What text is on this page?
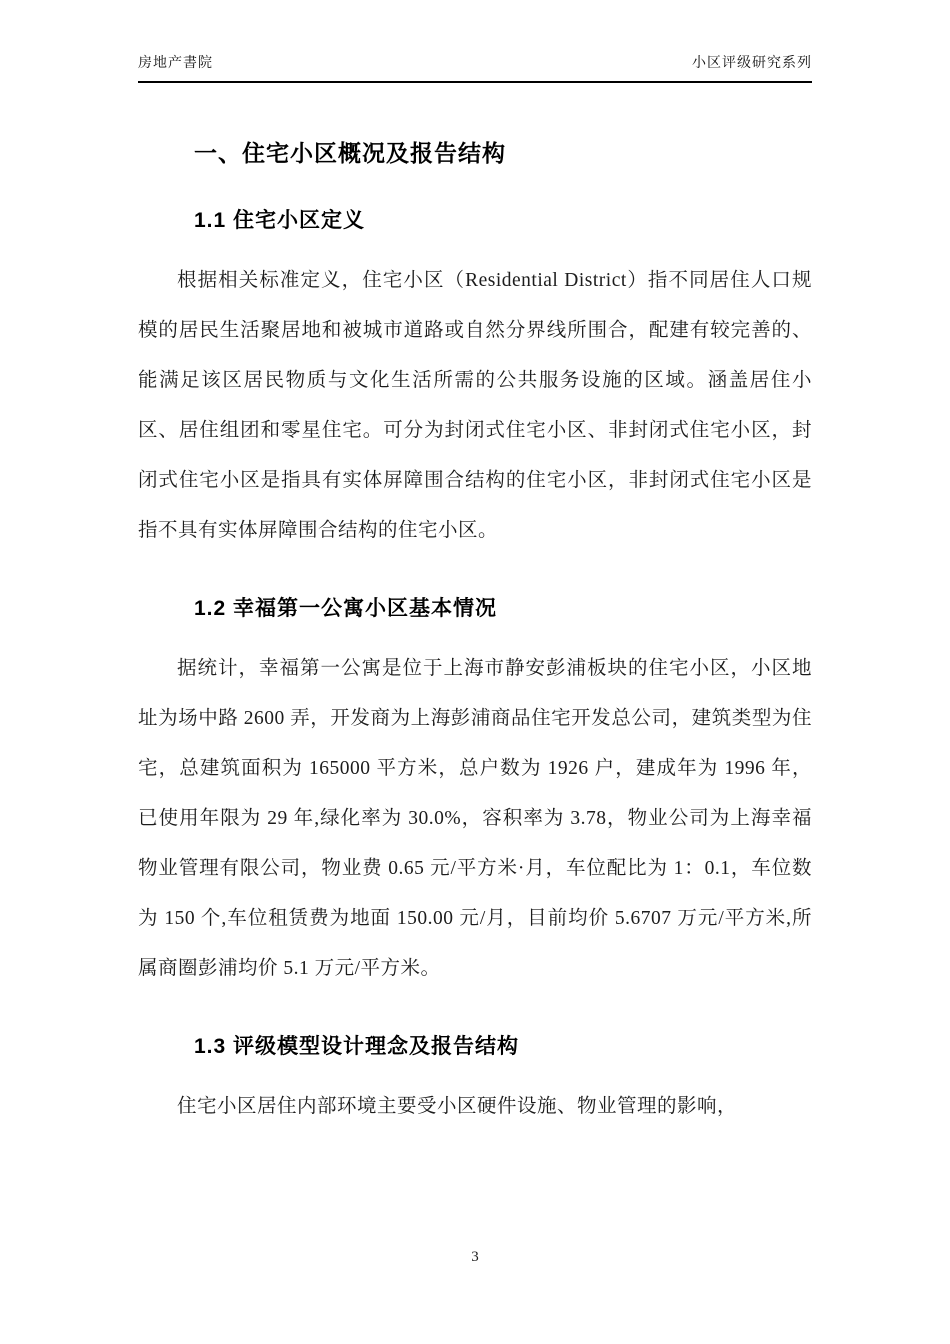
房地产書院	小区评级研究系列
一、住宅小区概况及报告结构
1.1 住宅小区定义

根据相关标准定义，住宅小区（Residential District）指不同居住人口规模的居民生活聚居地和被城市道路或自然分界线所围合，配建有较完善的、能满足该区居民物质与文化生活所需的公共服务设施的区域。涵盖居住小区、居住组团和零星住宅。可分为封闭式住宅小区、非封闭式住宅小区，封闭式住宅小区是指具有实体屏障围合结构的住宅小区，非封闭式住宅小区是指不具有实体屏障围合结构的住宅小区。

1.2 幸福第一公寓小区基本情况

据统计，幸福第一公寓是位于上海市静安彭浦板块的住宅小区，小区地址为场中路 2600 弄，开发商为上海彭浦商品住宅开发总公司，建筑类型为住宅，总建筑面积为 165000 平方米，总户数为 1926 户，建成年为 1996 年，已使用年限为 29 年,绿化率为 30.0%，容积率为 3.78，物业公司为上海幸福物业管理有限公司，物业费 0.65 元/平方米·月，车位配比为 1：0.1，车位数为 150 个,车位租赁费为地面 150.00 元/月，目前均价 5.6707 万元/平方米,所属商圈彭浦均价 5.1 万元/平方米。

1.3 评级模型设计理念及报告结构

住宅小区居住内部环境主要受小区硬件设施、物业管理的影响，

3
